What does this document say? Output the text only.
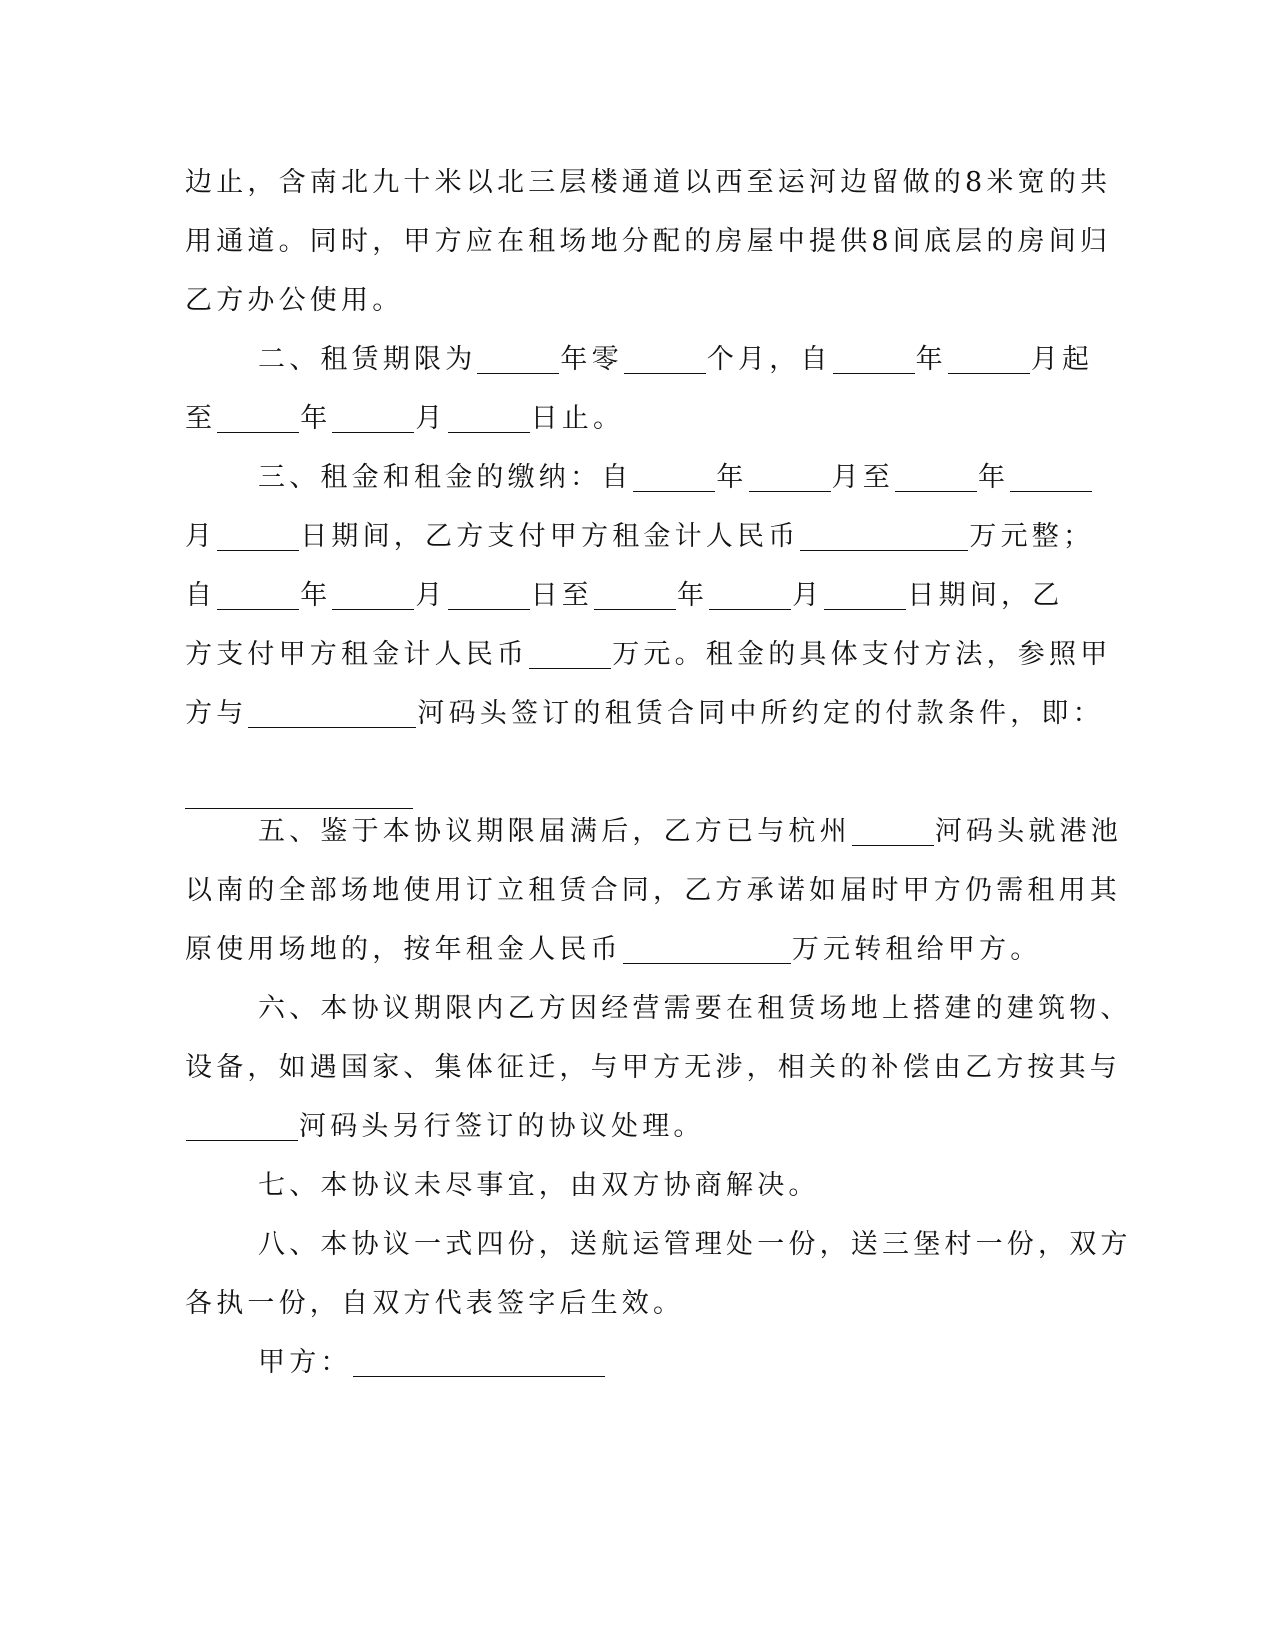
边止，含南北九十米以北三层楼通道以西至运河边留做的8米宽的共
用通道。同时，甲方应在租场地分配的房屋中提供8间底层的房间归
乙方办公使用。
二、租赁期限为	年零	个月，自	年	月起
至	年	月	日止。
三、租金和租金的缴纳：自	年	月至	年
月	日期间，乙方支付甲方租金计人民币	万元整；
自	年	月	日至	年	月	日期间，乙
方支付甲方租金计人民币	万元。租金的具体支付方法，参照甲
方与	河码头签订的租赁合同中所约定的付款条件，即：
五、鉴于本协议期限届满后，乙方已与杭州	河码头就港池
以南的全部场地使用订立租赁合同，乙方承诺如届时甲方仍需租用其
原使用场地的，按年租金人民币	万元转租给甲方。
六、本协议期限内乙方因经营需要在租赁场地上搭建的建筑物、
设备，如遇国家、集体征迁，与甲方无涉，相关的补偿由乙方按其与
河码头另行签订的协议处理。
七、本协议未尽事宜，由双方协商解决。
八、本协议一式四份，送航运管理处一份，送三堡村一份，双方
各执一份，自双方代表签字后生效。
甲方：
